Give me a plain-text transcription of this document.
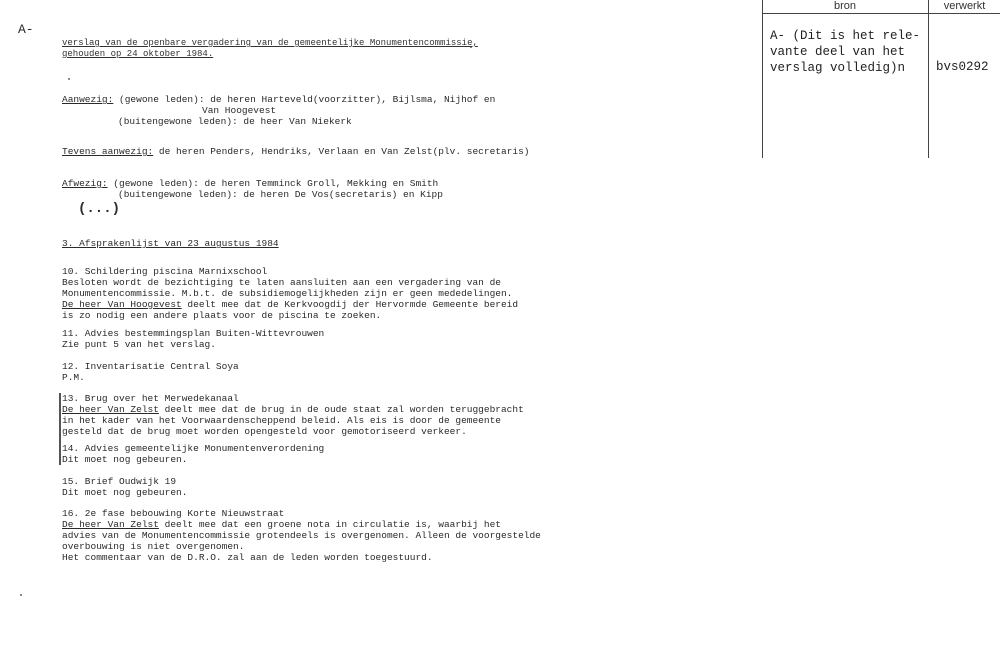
A-
bron	verwerkt
A- (Dit is het rele-
vante deel van het
verslag volledig)n	bvs0292
verslag van de openbare vergadering van de gemeentelijke Monumentencommissie,
gehouden op 24 oktober 1984.
Aanwezig: (gewone leden): de heren Harteveld(voorzitter), Bijlsma, Nijhof en
Van Hoogevest
(buitengewone leden): de heer Van Niekerk
Tevens aanwezig: de heren Penders, Hendriks, Verlaan en Van Zelst(plv. secretaris)
Afwezig: (gewone leden): de heren Temminck Groll, Mekking en Smith
(buitengewone leden): de heren De Vos(secretaris) en Kipp
(...)
3. Afsprakenlijst van 23 augustus 1984
10. Schildering piscina Marnixschool
Besloten wordt de bezichtiging te laten aansluiten aan een vergadering van de
Monumentencommissie. M.b.t. de subsidiemogelijkheden zijn er geen mededelingen.
De heer Van Hoogevest deelt mee dat de Kerkvoogdij der Hervormde Gemeente bereid
is zo nodig een andere plaats voor de piscina te zoeken.
11. Advies bestemmingsplan Buiten-Wittevrouwen
Zie punt 5 van het verslag.
12. Inventarisatie Central Soya
P.M.
13. Brug over het Merwedekanaal
De heer Van Zelst deelt mee dat de brug in de oude staat zal worden teruggebracht
in het kader van het Voorwaardenscheppend beleid. Als eis is door de gemeente
gesteld dat de brug moet worden opengesteld voor gemotoriseerd verkeer.
14. Advies gemeentelijke Monumentenverordening
Dit moet nog gebeuren.
15. Brief Oudwijk 19
Dit moet nog gebeuren.
16. 2e fase bebouwing Korte Nieuwstraat
De heer Van Zelst deelt mee dat een groene nota in circulatie is, waarbij het
advies van de Monumentencommissie grotendeels is overgenomen. Alleen de voorgestelde
overbouwing is niet overgenomen.
Het commentaar van de D.R.O. zal aan de leden worden toegestuurd.
